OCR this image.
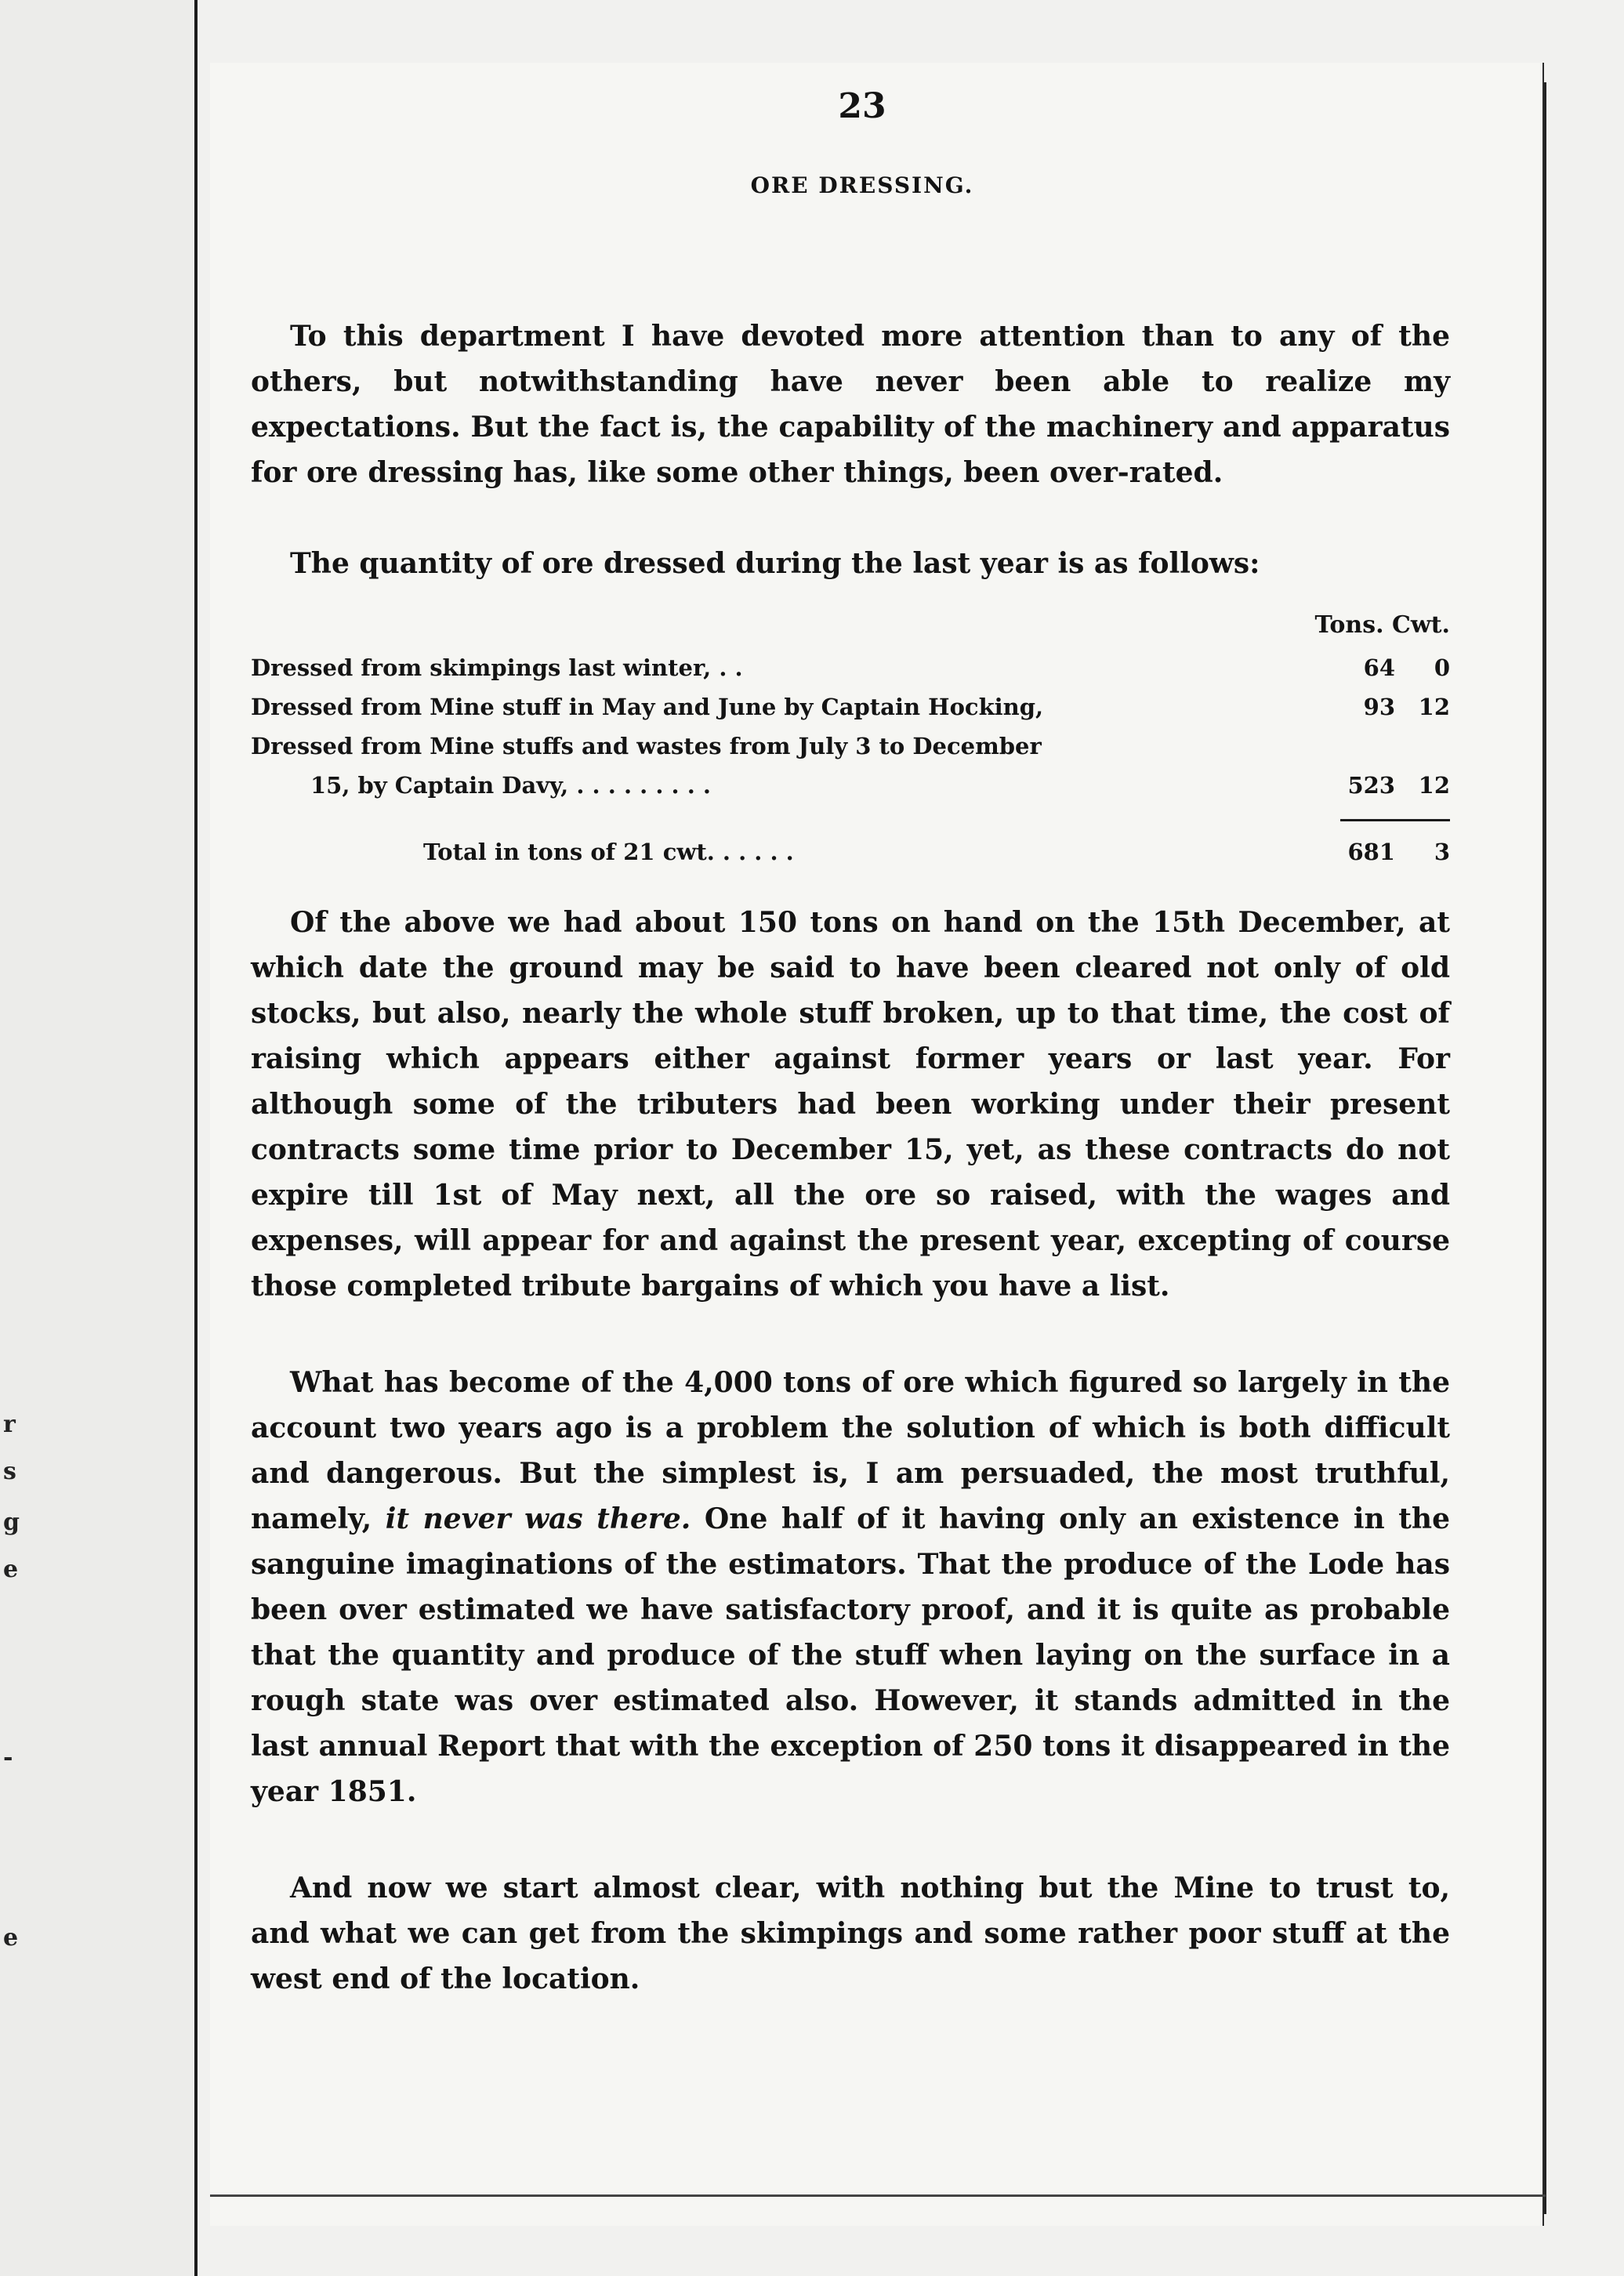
r
s
g
e
-
e
23
ORE DRESSING.

To this department I have devoted more attention than to any of the others, but notwithstanding have never been able to realize my expectations. But the fact is, the capability of the machinery and apparatus for ore dressing has, like some other things, been over-rated.

The quantity of ore dressed during the last year is as follows:

Tons. Cwt.
Dressed from skimpings last winter, . .	64	0
Dressed from Mine stuff in May and June by Captain Hocking,	93	12
Dressed from Mine stuffs and wastes from July 3 to December
15, by Captain Davy, . . . . . . . . .	523	12
Total in tons of 21 cwt. . . . . .	681	3

Of the above we had about 150 tons on hand on the 15th December, at which date the ground may be said to have been cleared not only of old stocks, but also, nearly the whole stuff broken, up to that time, the cost of raising which appears either against former years or last year. For although some of the tributers had been working under their present contracts some time prior to December 15, yet, as these contracts do not expire till 1st of May next, all the ore so raised, with the wages and expenses, will appear for and against the present year, excepting of course those completed tribute bargains of which you have a list.

What has become of the 4,000 tons of ore which figured so largely in the account two years ago is a problem the solution of which is both difficult and dangerous. But the simplest is, I am persuaded, the most truthful, namely, it never was there. One half of it having only an existence in the sanguine imaginations of the estimators. That the produce of the Lode has been over estimated we have satisfactory proof, and it is quite as probable that the quantity and produce of the stuff when laying on the surface in a rough state was over estimated also. However, it stands admitted in the last annual Report that with the exception of 250 tons it disappeared in the year 1851.

And now we start almost clear, with nothing but the Mine to trust to, and what we can get from the skimpings and some rather poor stuff at the west end of the location.
